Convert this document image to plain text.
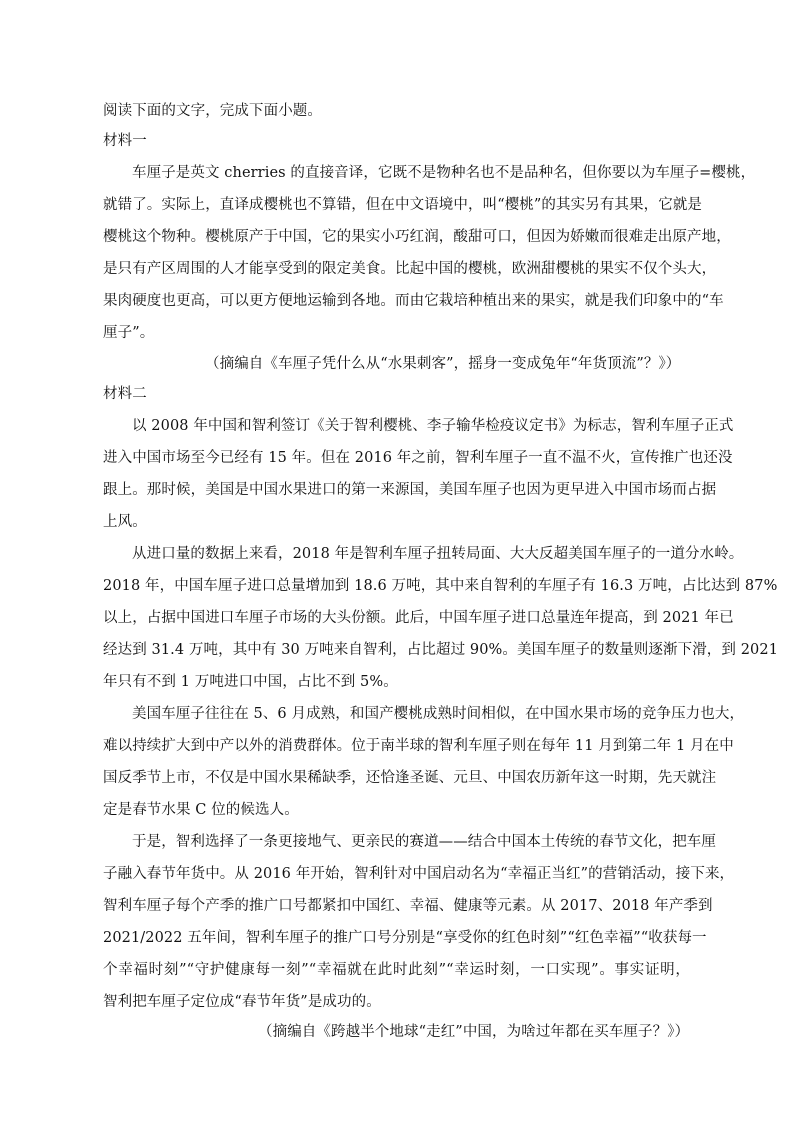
阅读下面的文字，完成下面小题。
材料一
车厘子是英文 cherries 的直接音译，它既不是物种名也不是品种名，但你要以为车厘子=樱桃，
就错了。实际上，直译成樱桃也不算错，但在中文语境中，叫“樱桃”的其实另有其果，它就是
樱桃这个物种。樱桃原产于中国，它的果实小巧红润，酸甜可口，但因为娇嫩而很难走出原产地，
是只有产区周围的人才能享受到的限定美食。比起中国的樱桃，欧洲甜樱桃的果实不仅个头大，
果肉硬度也更高，可以更方便地运输到各地。而由它栽培种植出来的果实，就是我们印象中的“车
厘子”。
（摘编自《车厘子凭什么从“水果刺客”，摇身一变成兔年“年货顶流”？》）
材料二
以 2008 年中国和智利签订《关于智利樱桃、李子输华检疫议定书》为标志，智利车厘子正式
进入中国市场至今已经有 15 年。但在 2016 年之前，智利车厘子一直不温不火，宣传推广也还没
跟上。那时候，美国是中国水果进口的第一来源国，美国车厘子也因为更早进入中国市场而占据
上风。
从进口量的数据上来看，2018 年是智利车厘子扭转局面、大大反超美国车厘子的一道分水岭。
2018 年，中国车厘子进口总量增加到 18.6 万吨，其中来自智利的车厘子有 16.3 万吨，占比达到 87%
以上，占据中国进口车厘子市场的大头份额。此后，中国车厘子进口总量连年提高，到 2021 年已
经达到 31.4 万吨，其中有 30 万吨来自智利，占比超过 90%。美国车厘子的数量则逐渐下滑，到 2021
年只有不到 1 万吨进口中国，占比不到 5%。
美国车厘子往往在 5、6 月成熟，和国产樱桃成熟时间相似，在中国水果市场的竞争压力也大，
难以持续扩大到中产以外的消费群体。位于南半球的智利车厘子则在每年 11 月到第二年 1 月在中
国反季节上市，不仅是中国水果稀缺季，还恰逢圣诞、元旦、中国农历新年这一时期，先天就注
定是春节水果 C 位的候选人。
于是，智利选择了一条更接地气、更亲民的赛道——结合中国本土传统的春节文化，把车厘
子融入春节年货中。从 2016 年开始，智利针对中国启动名为“幸福正当红”的营销活动，接下来，
智利车厘子每个产季的推广口号都紧扣中国红、幸福、健康等元素。从 2017、2018 年产季到
2021/2022 五年间，智利车厘子的推广口号分别是“享受你的红色时刻”“红色幸福”“收获每一
个幸福时刻”“守护健康每一刻”“幸福就在此时此刻”“幸运时刻，一口实现”。事实证明，
智利把车厘子定位成“春节年货”是成功的。
（摘编自《跨越半个地球“走红”中国，为啥过年都在买车厘子？》）
